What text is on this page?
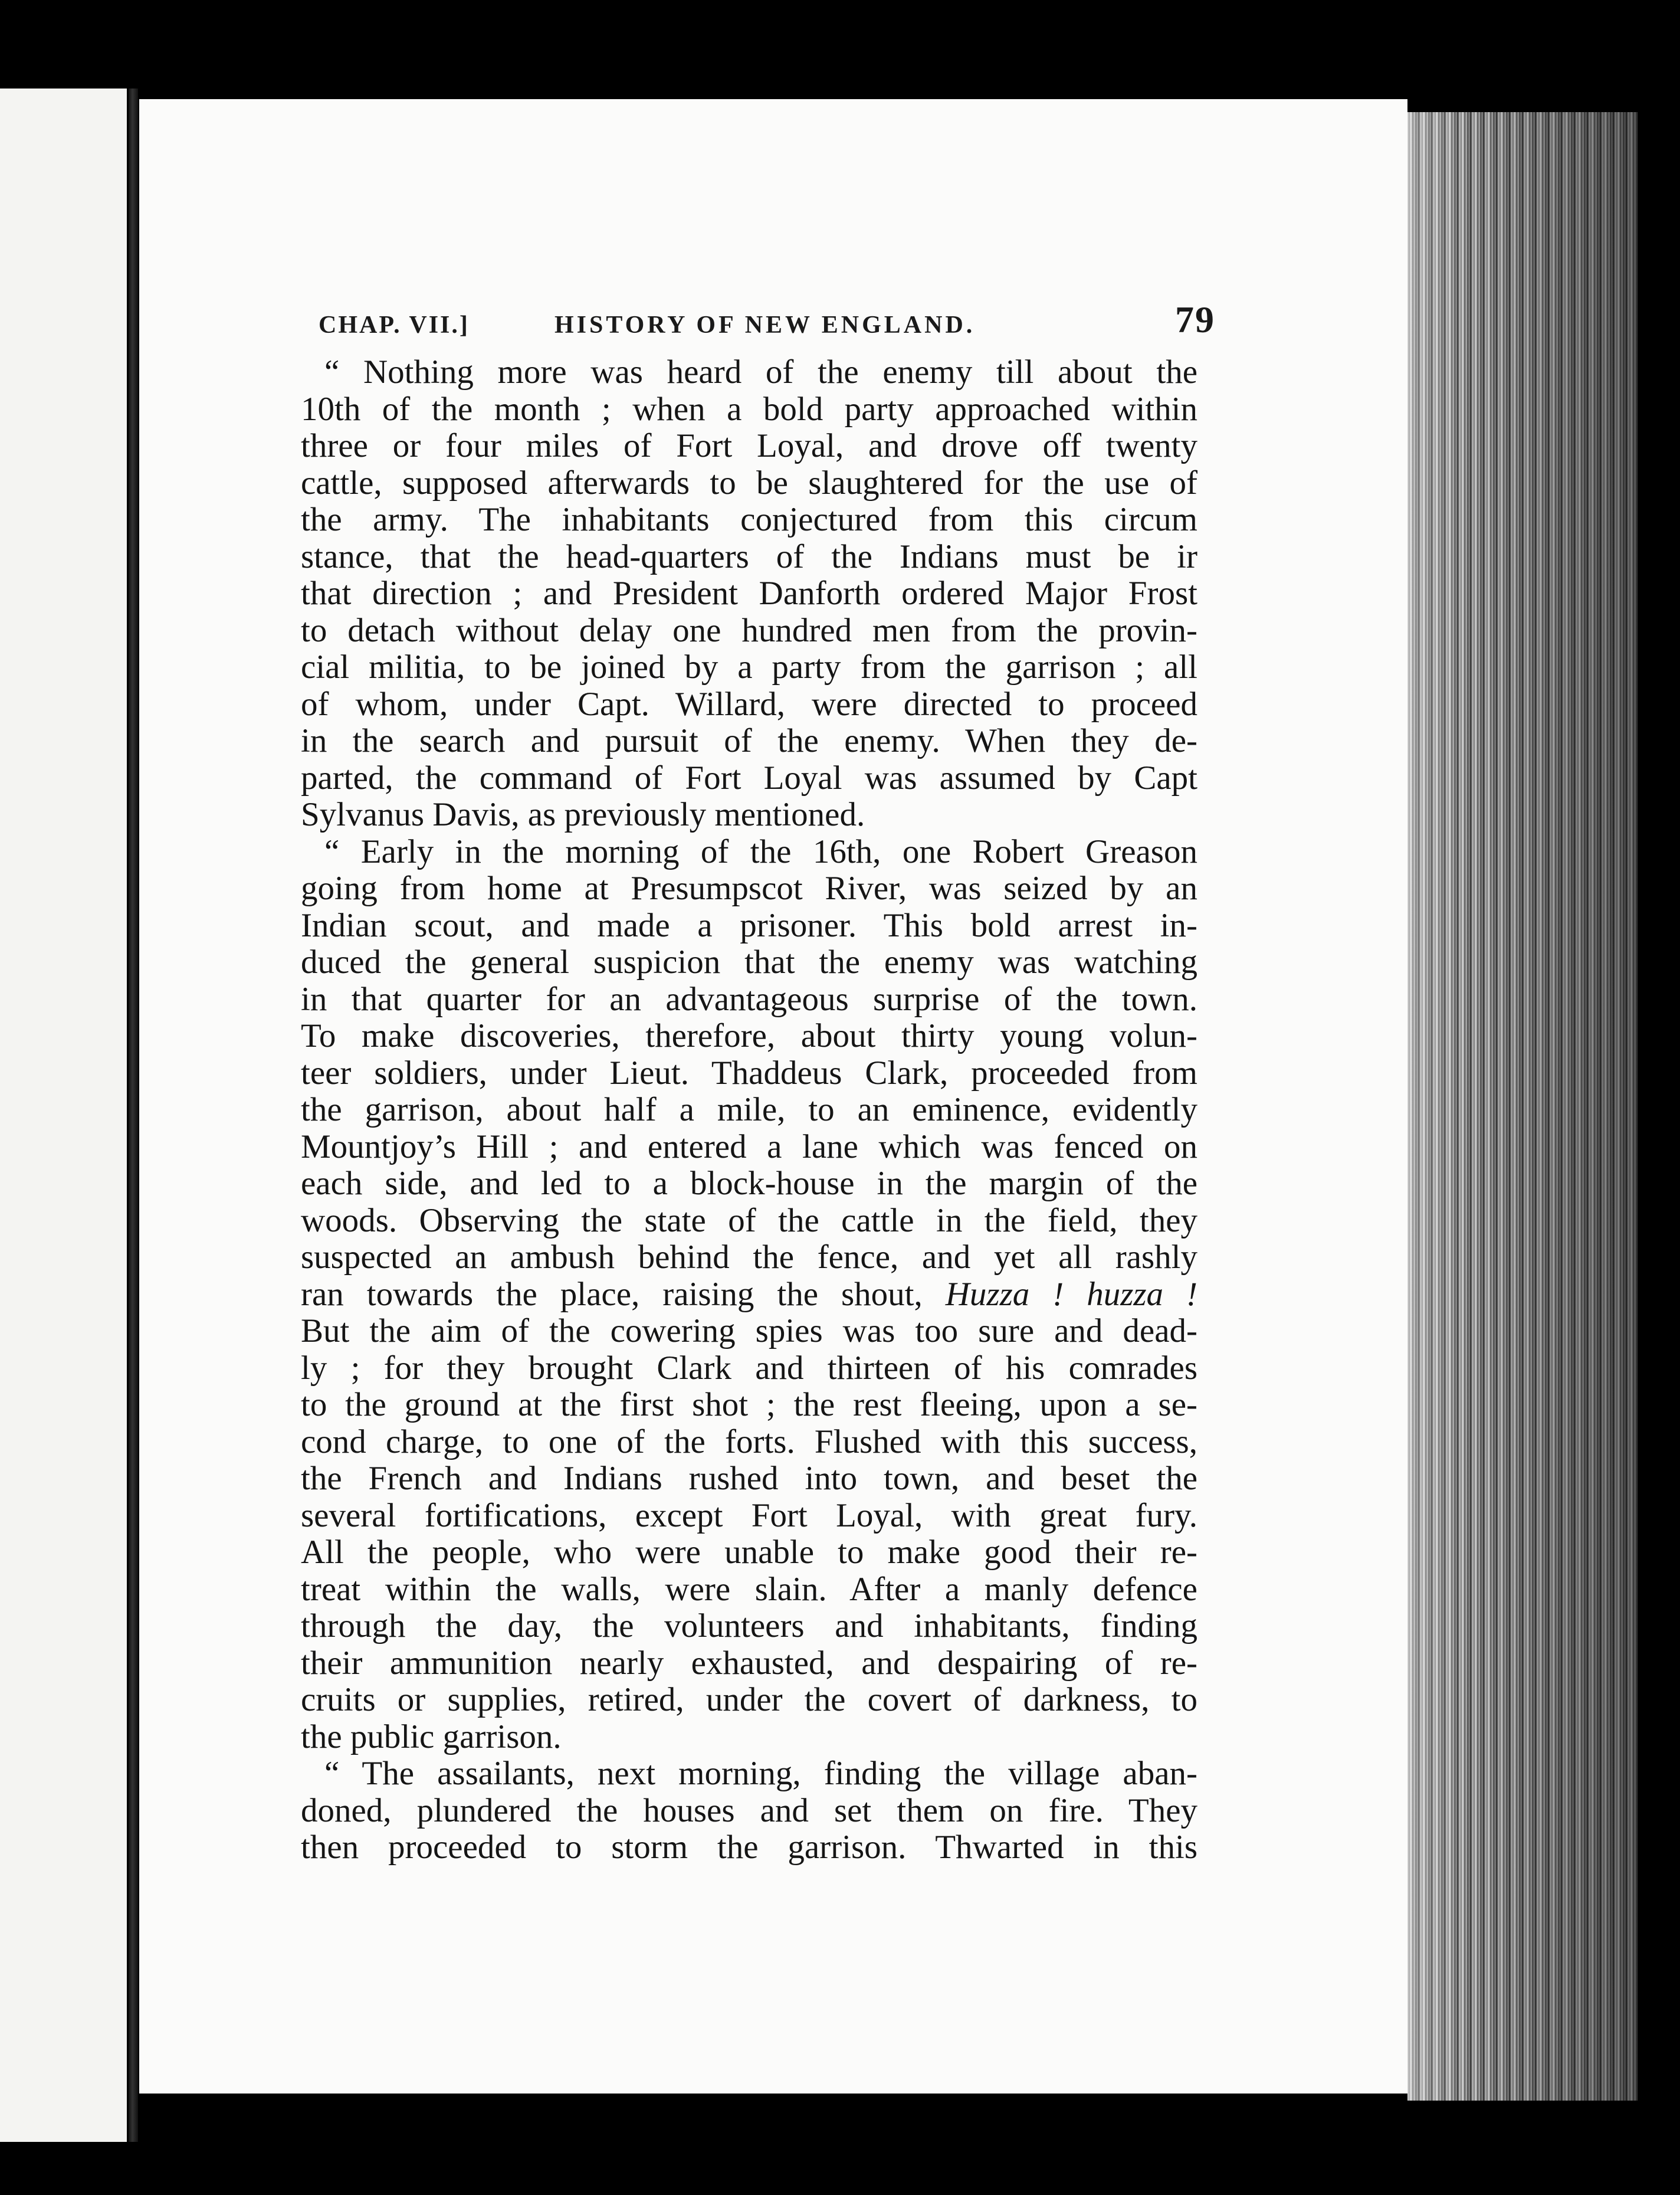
CHAP. VII.]	HISTORY OF NEW ENGLAND.	79
“ Nothing more was heard of the enemy till about the
10th of the month ; when a bold party approached within
three or four miles of Fort Loyal, and drove off twenty
cattle, supposed afterwards to be slaughtered for the use of
the army. The inhabitants conjectured from this circum
stance, that the head-quarters of the Indians must be ir
that direction ; and President Danforth ordered Major Frost
to detach without delay one hundred men from the provin-
cial militia, to be joined by a party from the garrison ; all
of whom, under Capt. Willard, were directed to proceed
in the search and pursuit of the enemy. When they de-
parted, the command of Fort Loyal was assumed by Capt
Sylvanus Davis, as previously mentioned.
“ Early in the morning of the 16th, one Robert Greason
going from home at Presumpscot River, was seized by an
Indian scout, and made a prisoner. This bold arrest in-
duced the general suspicion that the enemy was watching
in that quarter for an advantageous surprise of the town.
To make discoveries, therefore, about thirty young volun-
teer soldiers, under Lieut. Thaddeus Clark, proceeded from
the garrison, about half a mile, to an eminence, evidently
Mountjoy’s Hill ; and entered a lane which was fenced on
each side, and led to a block-house in the margin of the
woods. Observing the state of the cattle in the field, they
suspected an ambush behind the fence, and yet all rashly
ran towards the place, raising the shout, Huzza ! huzza !
But the aim of the cowering spies was too sure and dead-
ly ; for they brought Clark and thirteen of his comrades
to the ground at the first shot ; the rest fleeing, upon a se-
cond charge, to one of the forts. Flushed with this success,
the French and Indians rushed into town, and beset the
several fortifications, except Fort Loyal, with great fury.
All the people, who were unable to make good their re-
treat within the walls, were slain. After a manly defence
through the day, the volunteers and inhabitants, finding
their ammunition nearly exhausted, and despairing of re-
cruits or supplies, retired, under the covert of darkness, to
the public garrison.
“ The assailants, next morning, finding the village aban-
doned, plundered the houses and set them on fire. They
then proceeded to storm the garrison. Thwarted in this
